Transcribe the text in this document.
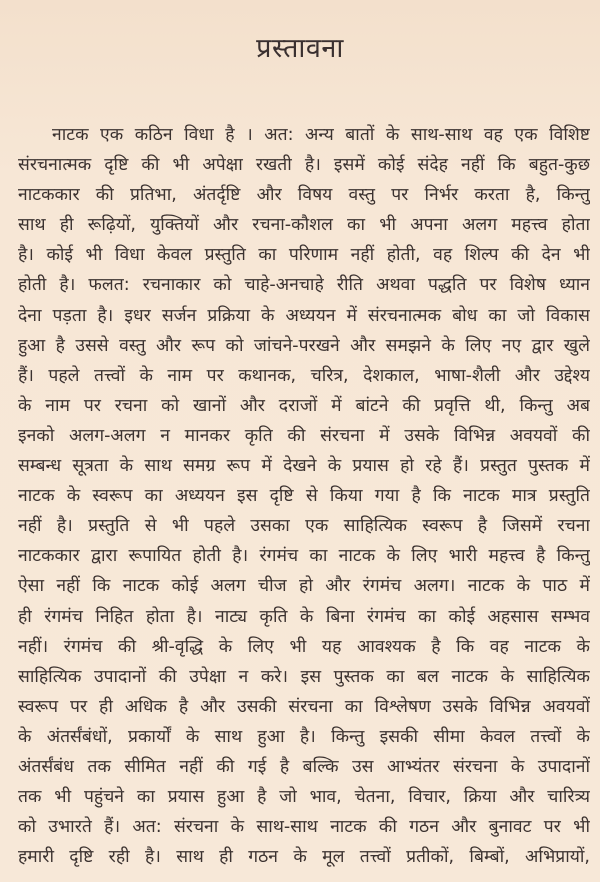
प्रस्तावना
नाटक एक कठिन विधा है । अत: अन्य बातों के साथ-साथ वह एक विशिष्ट
संरचनात्मक दृष्टि की भी अपेक्षा रखती है। इसमें कोई संदेह नहीं कि बहुत-कुछ
नाटककार की प्रतिभा, अंतर्दृष्टि और विषय वस्तु पर निर्भर करता है, किन्तु
साथ ही रूढ़ियों, युक्तियों और रचना-कौशल का भी अपना अलग महत्त्व होता
है। कोई भी विधा केवल प्रस्तुति का परिणाम नहीं होती, वह शिल्प की देन भी
होती है। फलत: रचनाकार को चाहे-अनचाहे रीति अथवा पद्धति पर विशेष ध्यान
देना पड़ता है। इधर सर्जन प्रक्रिया के अध्ययन में संरचनात्मक बोध का जो विकास
हुआ है उससे वस्तु और रूप को जांचने-परखने और समझने के लिए नए द्वार खुले
हैं। पहले तत्त्वों के नाम पर कथानक, चरित्र, देशकाल, भाषा-शैली और उद्देश्य
के नाम पर रचना को खानों और दराजों में बांटने की प्रवृत्ति थी, किन्तु अब
इनको अलग-अलग न मानकर कृति की संरचना में उसके विभिन्न अवयवों की
सम्बन्ध सूत्रता के साथ समग्र रूप में देखने के प्रयास हो रहे हैं। प्रस्तुत पुस्तक में
नाटक के स्वरूप का अध्ययन इस दृष्टि से किया गया है कि नाटक मात्र प्रस्तुति
नहीं है। प्रस्तुति से भी पहले उसका एक साहित्यिक स्वरूप है जिसमें रचना
नाटककार द्वारा रूपायित होती है। रंगमंच का नाटक के लिए भारी महत्त्व है किन्तु
ऐसा नहीं कि नाटक कोई अलग चीज हो और रंगमंच अलग। नाटक के पाठ में
ही रंगमंच निहित होता है। नाट्य कृति के बिना रंगमंच का कोई अहसास सम्भव
नहीं। रंगमंच की श्री-वृद्धि के लिए भी यह आवश्यक है कि वह नाटक के
साहित्यिक उपादानों की उपेक्षा न करे। इस पुस्तक का बल नाटक के साहित्यिक
स्वरूप पर ही अधिक है और उसकी संरचना का विश्लेषण उसके विभिन्न अवयवों
के अंतर्संबंधों, प्रकार्यों के साथ हुआ है। किन्तु इसकी सीमा केवल तत्त्वों के
अंतर्संबंध तक सीमित नहीं की गई है बल्कि उस आभ्यंतर संरचना के उपादानों
तक भी पहुंचने का प्रयास हुआ है जो भाव, चेतना, विचार, क्रिया और चारित्र्य
को उभारते हैं। अत: संरचना के साथ-साथ नाटक की गठन और बुनावट पर भी
हमारी दृष्टि रही है। साथ ही गठन के मूल तत्त्वों प्रतीकों, बिम्बों, अभिप्रायों,
